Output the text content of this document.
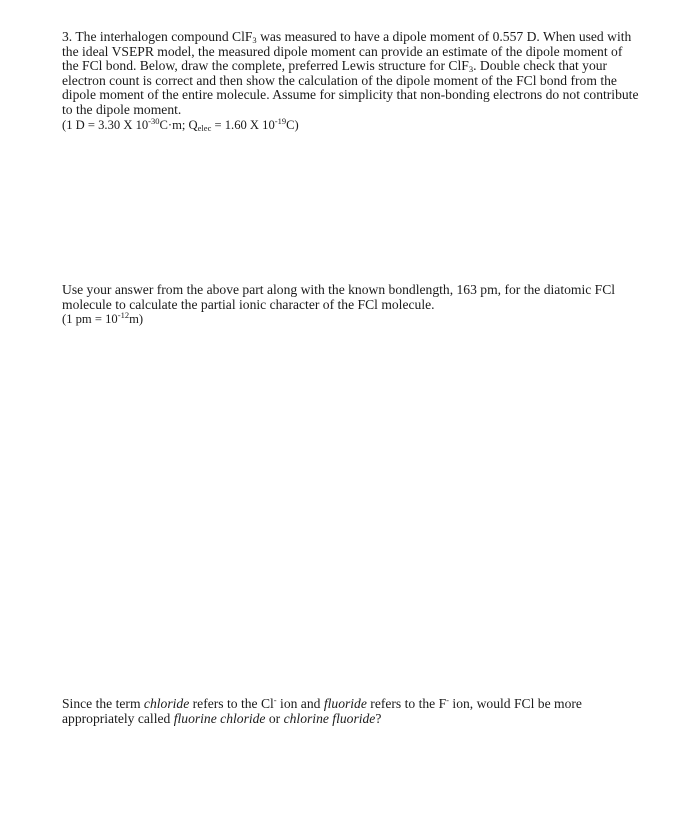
3. The interhalogen compound ClF$_3$ was measured to have a dipole moment of 0.557 D. When used with the ideal VSEPR model, the measured dipole moment can provide an estimate of the dipole moment of the FCl bond. Below, draw the complete, preferred Lewis structure for ClF$_3$. Double check that your electron count is correct and then show the calculation of the dipole moment of the FCl bond from the dipole moment of the entire molecule. Assume for simplicity that non-bonding electrons do not contribute to the dipole moment.
(1 D = 3.30 X $10^{-30}C\cdot m$; $Q_{elec} = 1.60$ X $10^{-19}C$)
Use your answer from the above part along with the known bondlength, 163 pm, for the diatomic FCl molecule to calculate the partial ionic character of the FCl molecule.
(1 pm = $10^{-12}m$)
Since the term chloride refers to the Cl- ion and fluoride refers to the F- ion, would FCl be more appropriately called fluorine chloride or chlorine fluoride?
